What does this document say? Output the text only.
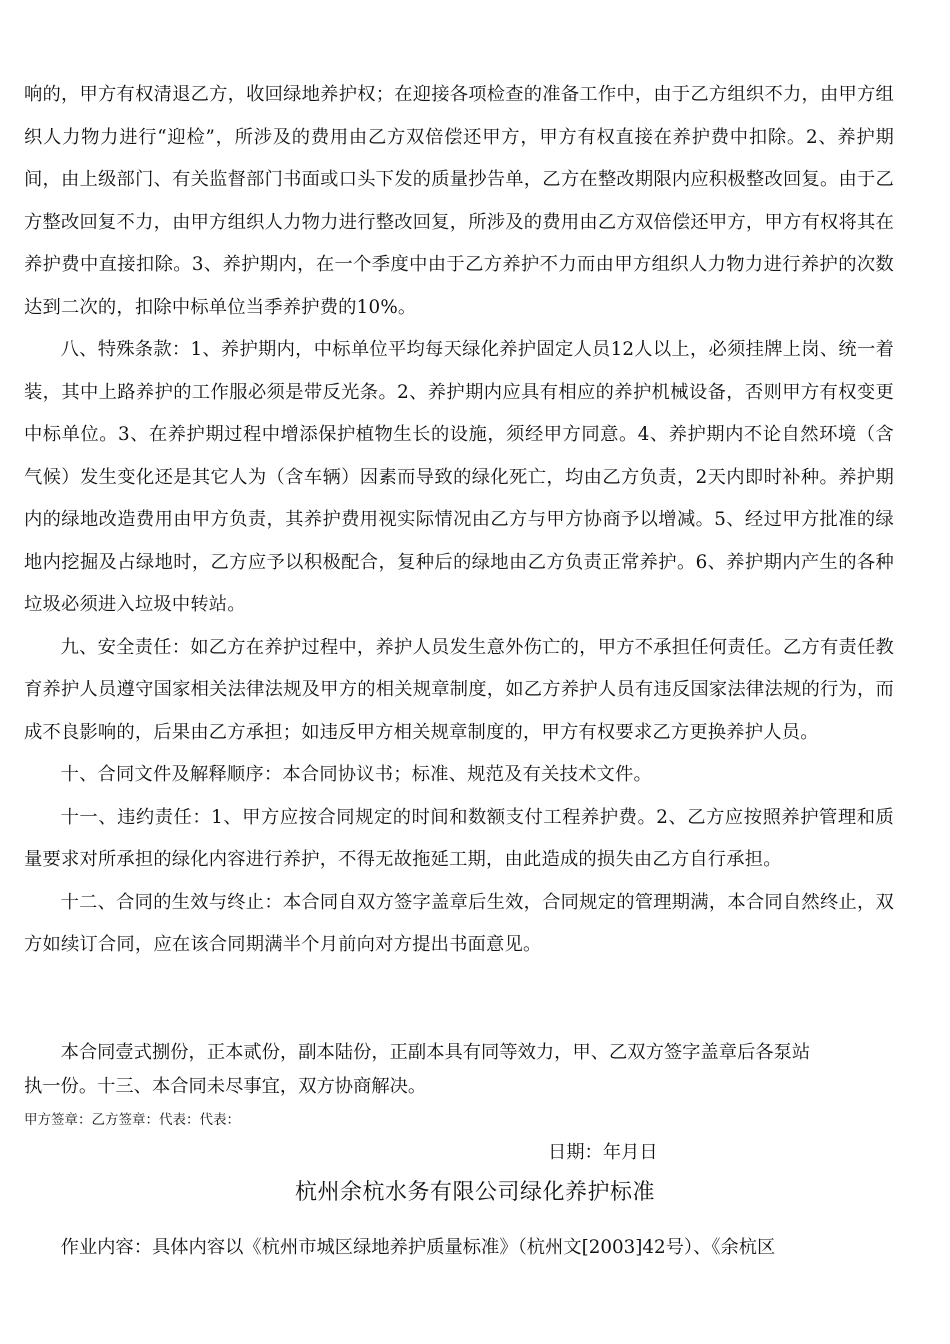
响的，甲方有权清退乙方，收回绿地养护权；在迎接各项检查的准备工作中，由于乙方组织不力，由甲方组织人力物力进行“迎检”，所涉及的费用由乙方双倍偿还甲方，甲方有权直接在养护费中扣除。2、养护期间，由上级部门、有关监督部门书面或口头下发的质量抄告单，乙方在整改期限内应积极整改回复。由于乙方整改回复不力，由甲方组织人力物力进行整改回复，所涉及的费用由乙方双倍偿还甲方，甲方有权将其在养护费中直接扣除。3、养护期内，在一个季度中由于乙方养护不力而由甲方组织人力物力进行养护的次数达到二次的，扣除中标单位当季养护费的10%。

八、特殊条款：1、养护期内，中标单位平均每天绿化养护固定人员12人以上，必须挂牌上岗、统一着装，其中上路养护的工作服必须是带反光条。2、养护期内应具有相应的养护机械设备，否则甲方有权变更中标单位。3、在养护期过程中增添保护植物生长的设施，须经甲方同意。4、养护期内不论自然环境（含气候）发生变化还是其它人为（含车辆）因素而导致的绿化死亡，均由乙方负责，2天内即时补种。养护期内的绿地改造费用由甲方负责，其养护费用视实际情况由乙方与甲方协商予以增减。5、经过甲方批准的绿地内挖掘及占绿地时，乙方应予以积极配合，复种后的绿地由乙方负责正常养护。6、养护期内产生的各种垃圾必须进入垃圾中转站。

九、安全责任：如乙方在养护过程中，养护人员发生意外伤亡的，甲方不承担任何责任。乙方有责任教育养护人员遵守国家相关法律法规及甲方的相关规章制度，如乙方养护人员有违反国家法律法规的行为，而成不良影响的，后果由乙方承担；如违反甲方相关规章制度的，甲方有权要求乙方更换养护人员。

十、合同文件及解释顺序：本合同协议书；标准、规范及有关技术文件。

十一、违约责任：1、甲方应按合同规定的时间和数额支付工程养护费。2、乙方应按照养护管理和质量要求对所承担的绿化内容进行养护，不得无故拖延工期，由此造成的损失由乙方自行承担。

十二、合同的生效与终止：本合同自双方签字盖章后生效，合同规定的管理期满，本合同自然终止，双方如续订合同，应在该合同期满半个月前向对方提出书面意见。

本合同壹式捌份，正本贰份，副本陆份，正副本具有同等效力，甲、乙双方签字盖章后各泵站执一份。十三、本合同未尽事宜，双方协商解决。

甲方签章：乙方签章：代表：代表：
日期：年月日
杭州余杭水务有限公司绿化养护标准
作业内容：具体内容以《杭州市城区绿地养护质量标准》（杭州文[2003]42号）、《余杭区
